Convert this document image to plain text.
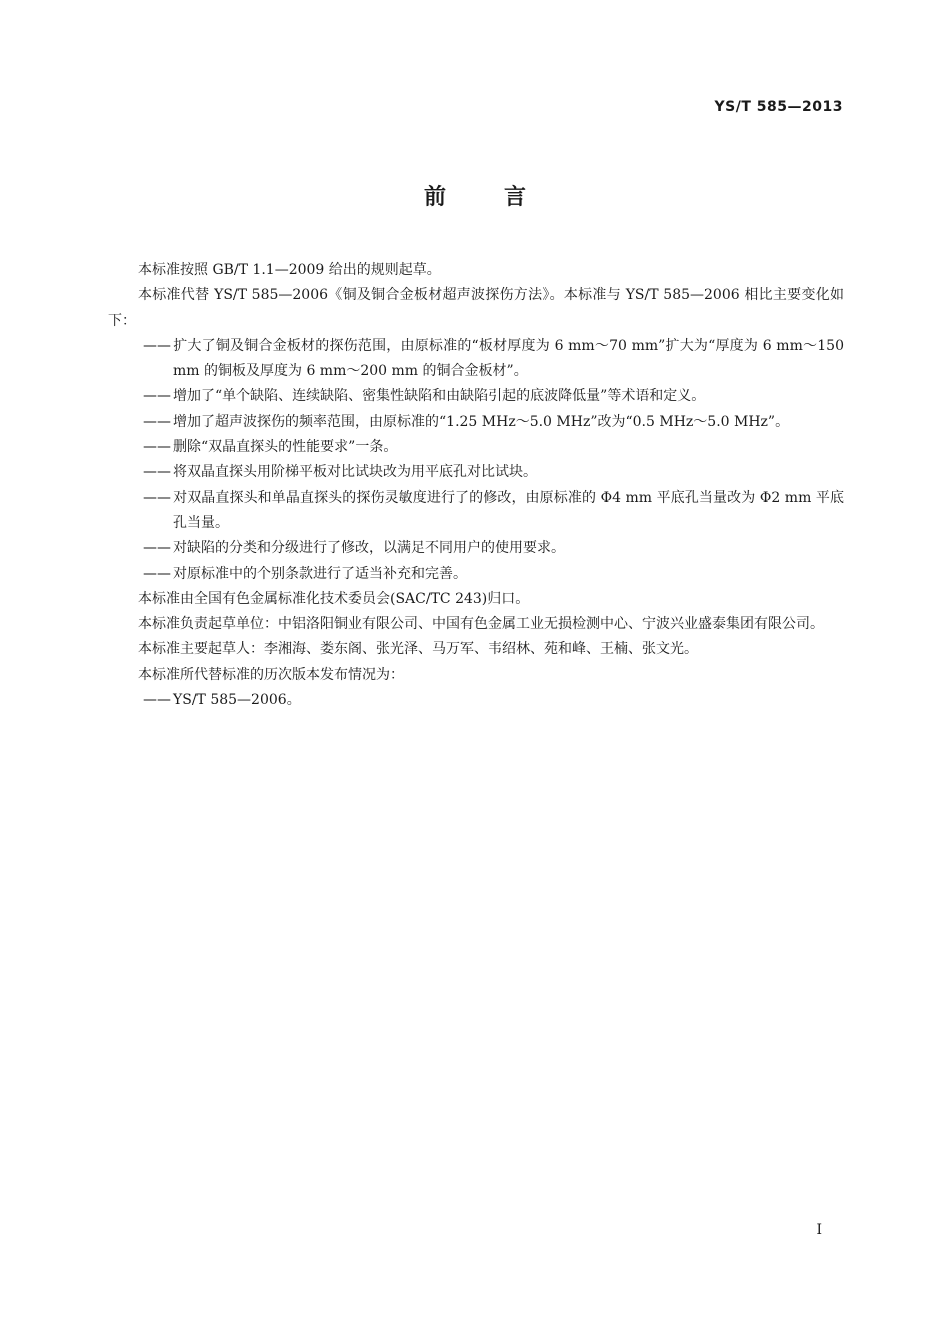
YS/T 585—2013
前言

本标准按照 GB/T 1.1—2009 给出的规则起草。

本标准代替 YS/T 585—2006《铜及铜合金板材超声波探伤方法》。本标准与 YS/T 585—2006 相比主要变化如下：

—— 扩大了铜及铜合金板材的探伤范围，由原标准的“板材厚度为 6 mm～70 mm”扩大为“厚度为 6 mm～150 mm 的铜板及厚度为 6 mm～200 mm 的铜合金板材”。

—— 增加了“单个缺陷、连续缺陷、密集性缺陷和由缺陷引起的底波降低量”等术语和定义。

—— 增加了超声波探伤的频率范围，由原标准的“1.25 MHz～5.0 MHz”改为“0.5 MHz～5.0 MHz”。

—— 删除“双晶直探头的性能要求”一条。

—— 将双晶直探头用阶梯平板对比试块改为用平底孔对比试块。

—— 对双晶直探头和单晶直探头的探伤灵敏度进行了的修改，由原标准的 Φ4 mm 平底孔当量改为 Φ2 mm 平底孔当量。

—— 对缺陷的分类和分级进行了修改，以满足不同用户的使用要求。

—— 对原标准中的个别条款进行了适当补充和完善。

本标准由全国有色金属标准化技术委员会(SAC/TC 243)归口。

本标准负责起草单位：中铝洛阳铜业有限公司、中国有色金属工业无损检测中心、宁波兴业盛泰集团有限公司。

本标准主要起草人：李湘海、娄东阁、张光泽、马万军、韦绍林、苑和峰、王楠、张文光。

本标准所代替标准的历次版本发布情况为：

—— YS/T 585—2006。

I
